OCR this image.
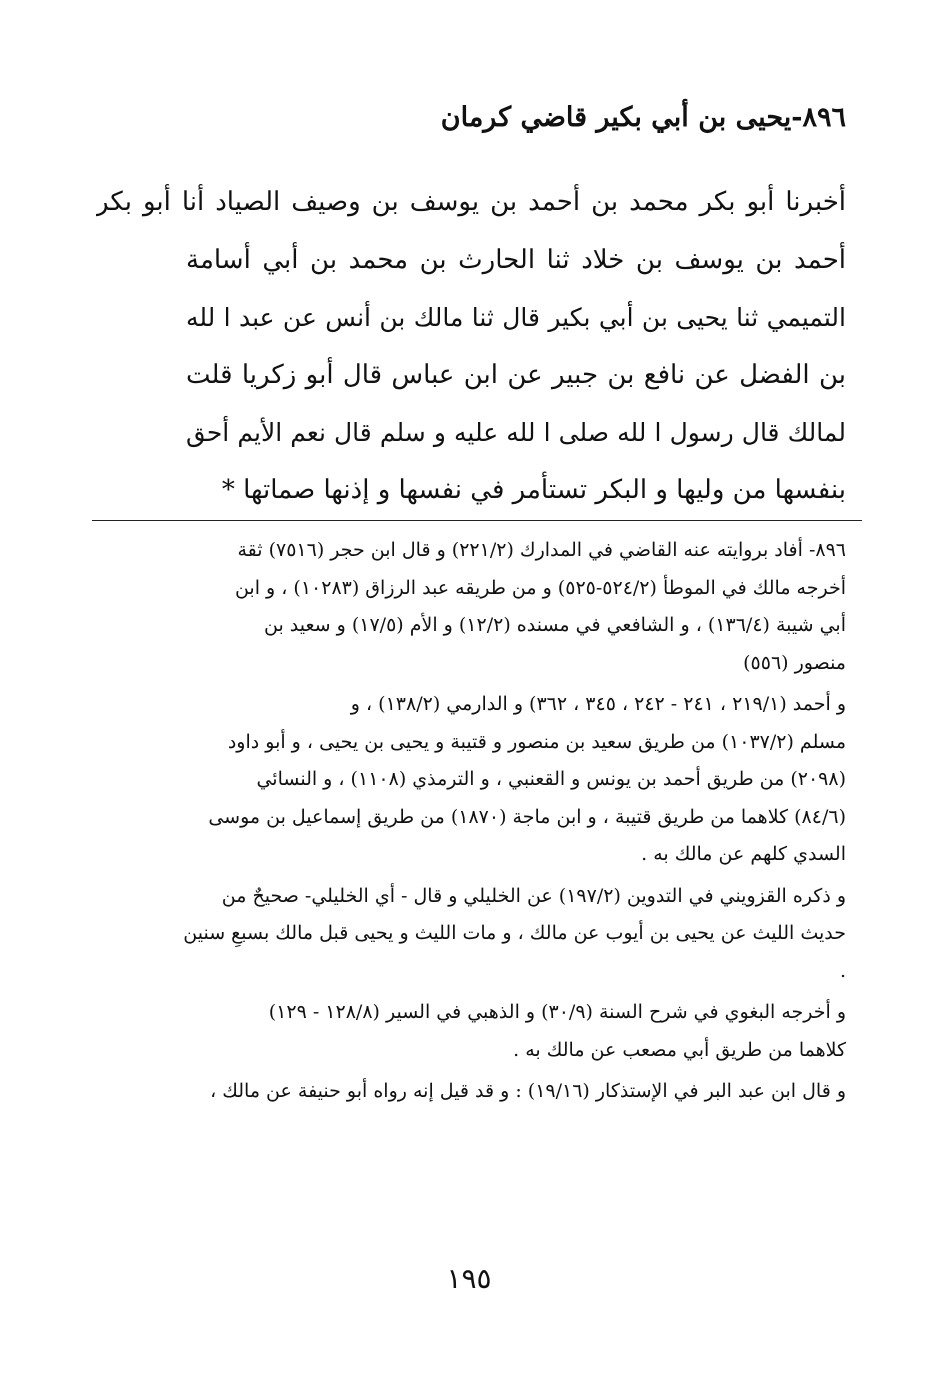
٨٩٦-يحيى بن أبي بكير قاضي كرمان
أخبرنا أبو بكر محمد بن أحمد بن يوسف بن وصيف الصياد أنا أبو بكر
أحمد بن يوسف بن خلاد ثنا الحارث بن محمد بن أبي أسامة
التميمي ثنا يحيى بن أبي بكير قال ثنا مالك بن أنس عن عبد ا لله
بن الفضل عن نافع بن جبير عن ابن عباس قال أبو زكريا قلت
لمالك قال رسول ا لله صلى ا لله عليه و سلم قال نعم الأيم أحق
بنفسها من وليها و البكر تستأمر في نفسها و إذنها صماتها *
٨٩٦- أفاد بروايته عنه القاضي في المدارك (٢٢١/٢) و قال ابن حجر (٧٥١٦) ثقة
أخرجه مالك في الموطأ (٥٢٤/٢-٥٢٥) و من طريقه عبد الرزاق (١٠٢٨٣) ، و ابن
أبي شيبة (١٣٦/٤) ، و الشافعي في مسنده (١٢/٢) و الأم (١٧/٥) و سعيد بن
منصور (٥٥٦)
و أحمد (٢١٩/١ ، ٢٤١ - ٢٤٢ ، ٣٤٥ ، ٣٦٢) و الدارمي (١٣٨/٢) ، و
مسلم (١٠٣٧/٢) من طريق سعيد بن منصور و قتيبة و يحيى بن يحيى ، و أبو داود
(٢٠٩٨) من طريق أحمد بن يونس و القعنبي ، و الترمذي (١١٠٨) ، و النسائي
(٨٤/٦) كلاهما من طريق قتيبة ، و ابن ماجة (١٨٧٠) من طريق إسماعيل بن موسى
السدي كلهم عن مالك به .
و ذكره القزويني في التدوين (١٩٧/٢) عن الخليلي و قال - أي الخليلي- صحيحٌ من
حديث الليث عن يحيى بن أيوب عن مالك ، و مات الليث و يحيى قبل مالك بسبعِ سنين
.
و أخرجه البغوي في شرح السنة (٣٠/٩) و الذهبي في السير (١٢٨/٨ - ١٢٩)
كلاهما من طريق أبي مصعب عن مالك به .
و قال ابن عبد البر في الإستذكار (١٩/١٦) : و قد قيل إنه رواه أبو حنيفة عن مالك ،
١٩٥
